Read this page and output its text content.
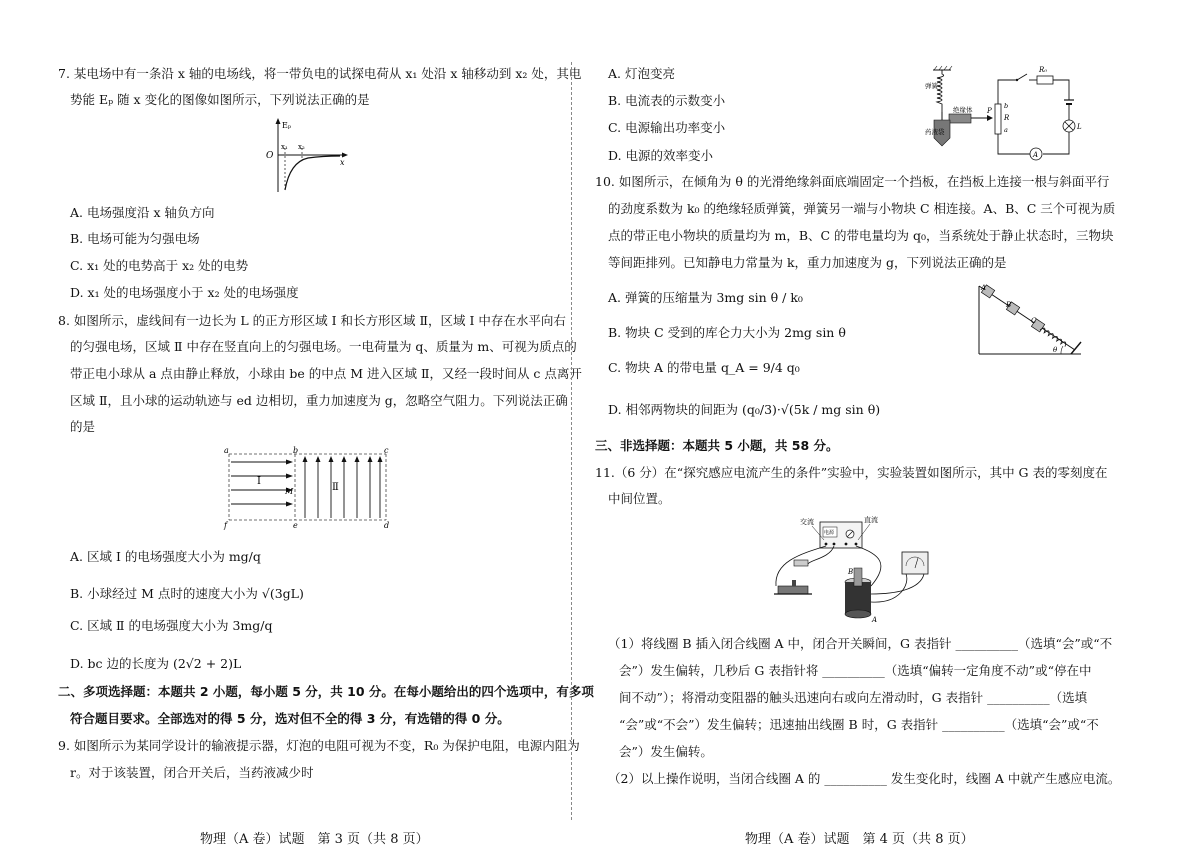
7. 某电场中有一条沿 x 轴的电场线，将一带负电的试探电荷从 x₁ 处沿 x 轴移动到 x₂ 处，其电
势能 Eₚ 随 x 变化的图像如图所示，下列说法正确的是
Eₚ
O
x₁ x₂
x
A. 电场强度沿 x 轴负方向
B. 电场可能为匀强电场
C. x₁ 处的电势高于 x₂ 处的电势
D. x₁ 处的电场强度小于 x₂ 处的电场强度
8. 如图所示，虚线间有一边长为 L 的正方形区域 Ⅰ 和长方形区域 Ⅱ，区域 Ⅰ 中存在水平向右
的匀强电场，区域 Ⅱ 中存在竖直向上的匀强电场。一电荷量为 q、质量为 m、可视为质点的
带正电小球从 a 点由静止释放，小球由 be 的中点 M 进入区域 Ⅱ，又经一段时间从 c 点离开
区域 Ⅱ，且小球的运动轨迹与 ed 边相切，重力加速度为 g，忽略空气阻力。下列说法正确
的是
a	b	c
f	e	d
M
Ⅰ
Ⅱ
A. 区域 Ⅰ 的电场强度大小为 mg/q
B. 小球经过 M 点时的速度大小为 √(3gL)
C. 区域 Ⅱ 的电场强度大小为 3mg/q
D. bc 边的长度为 (2√2 + 2)L
二、多项选择题：本题共 2 小题，每小题 5 分，共 10 分。在每小题给出的四个选项中，有多项
符合题目要求。全部选对的得 5 分，选对但不全的得 3 分，有选错的得 0 分。
9. 如图所示为某同学设计的输液提示器，灯泡的电阻可视为不变，R₀ 为保护电阻，电源内阻为
r。对于该装置，闭合开关后，当药液减少时
物理（A 卷）试题　第 3 页（共 8 页）
A. 灯泡变亮
B. 电流表的示数变小
C. 电源输出功率变小
D. 电源的效率变小
弹簧
绝缘体
药液袋
P
b
R
a
R₀
L
A
10. 如图所示，在倾角为 θ 的光滑绝缘斜面底端固定一个挡板，在挡板上连接一根与斜面平行
的劲度系数为 k₀ 的绝缘轻质弹簧，弹簧另一端与小物块 C 相连接。A、B、C 三个可视为质
点的带正电小物块的质量均为 m，B、C 的带电量均为 q₀，当系统处于静止状态时，三物块
等间距排列。已知静电力常量为 k，重力加速度为 g，下列说法正确的是
A
B
C
θ
A. 弹簧的压缩量为 3mg sin θ / k₀
B. 物块 C 受到的库仑力大小为 2mg sin θ
C. 物块 A 的带电量 q_A = 9/4 q₀
D. 相邻两物块的间距为 (q₀/3)·√(5k / mg sin θ)
三、非选择题：本题共 5 小题，共 58 分。
11.（6 分）在“探究感应电流产生的条件”实验中，实验装置如图所示，其中 G 表的零刻度在
中间位置。
电源
交流	直流
B
A
（1）将线圈 B 插入闭合线圈 A 中，闭合开关瞬间，G 表指针 __________（选填“会”或“不
会”）发生偏转，几秒后 G 表指针将 __________（选填“偏转一定角度不动”或“停在中
间不动”）；将滑动变阻器的触头迅速向右或向左滑动时，G 表指针 __________（选填
“会”或“不会”）发生偏转；迅速抽出线圈 B 时，G 表指针 __________（选填“会”或“不
会”）发生偏转。
（2）以上操作说明，当闭合线圈 A 的 __________ 发生变化时，线圈 A 中就产生感应电流。
物理（A 卷）试题　第 4 页（共 8 页）
